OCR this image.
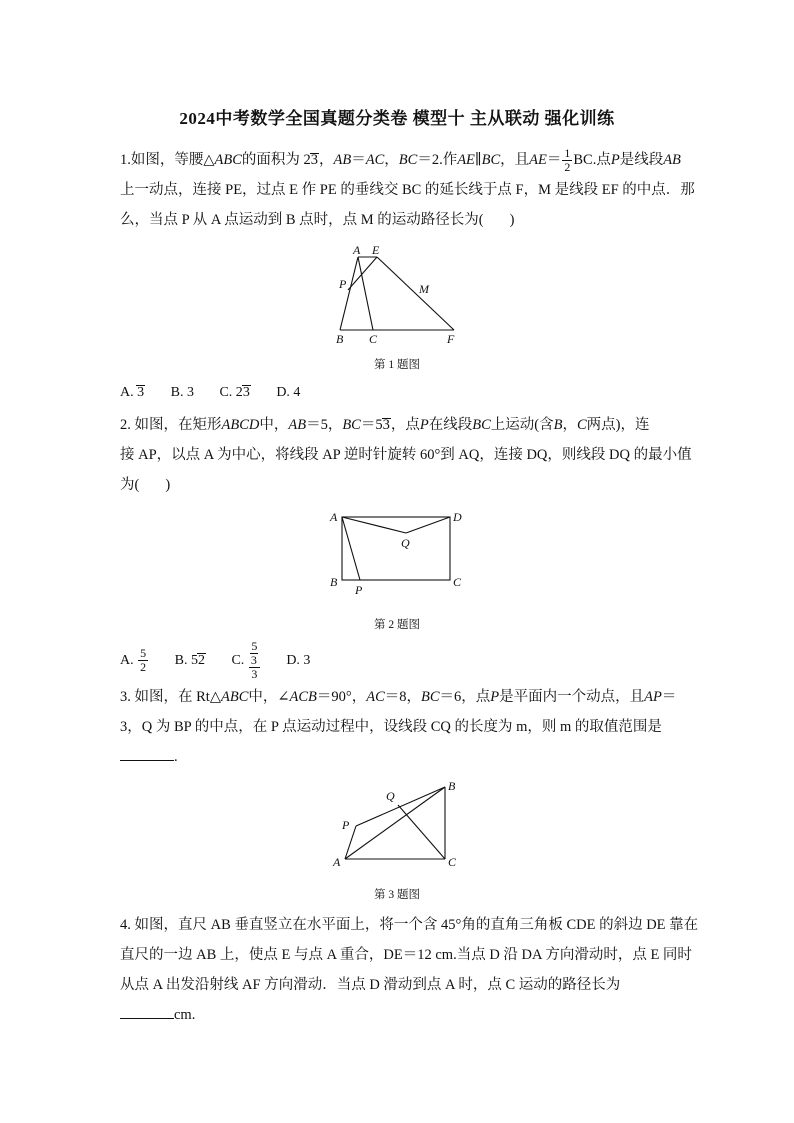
2024中考数学全国真题分类卷 模型十 主从联动 强化训练
1.如图，等腰△ABC的面积为 23，AB＝AC，BC＝2.作AE∥BC，且$AE= \frac{1}{2}$ BC.点P是线段AB
上一动点，连接 PE，过点 E 作 PE 的垂线交 BC 的延长线于点 F，M 是线段 EF 的中点．那
么，当点 P 从 A 点运动到 B 点时，点 M 的运动路径长为( )
A E
P	M
B C	F
第 1 题图
A. 3 B. 3 C. 23 D. 4
2. 如图，在矩形ABCD中，AB＝5，BC＝53，点P在线段BC上运动(含B，C两点)，连
接 AP，以点 A 为中心，将线段 AP 逆时针旋转 60°到 AQ，连接 DQ，则线段 DQ 的最小值
为( )
A	D
Q
B
P
C
第 2 题图
A. $\frac{5}{2} B$. 52 C. 5
3
3 D. 3
3. 如图，在 Rt△ABC中，∠ACB＝90°，AC＝8，BC＝6，点P是平面内一个动点，且AP＝
3，Q 为 BP 的中点，在 P 点运动过程中，设线段 CQ 的长度为 m，则 m 的取值范围是
.
Q
B
P
A	C
第 3 题图
4. 如图，直尺 AB 垂直竖立在水平面上，将一个含 45°角的直角三角板 CDE 的斜边 DE 靠在
直尺的一边 AB 上，使点 E 与点 A 重合，DE＝12 cm.当点 D 沿 DA 方向滑动时，点 E 同时
从点 A 出发沿射线 AF 方向滑动．当点 D 滑动到点 A 时，点 C 运动的路径长为
cm.
